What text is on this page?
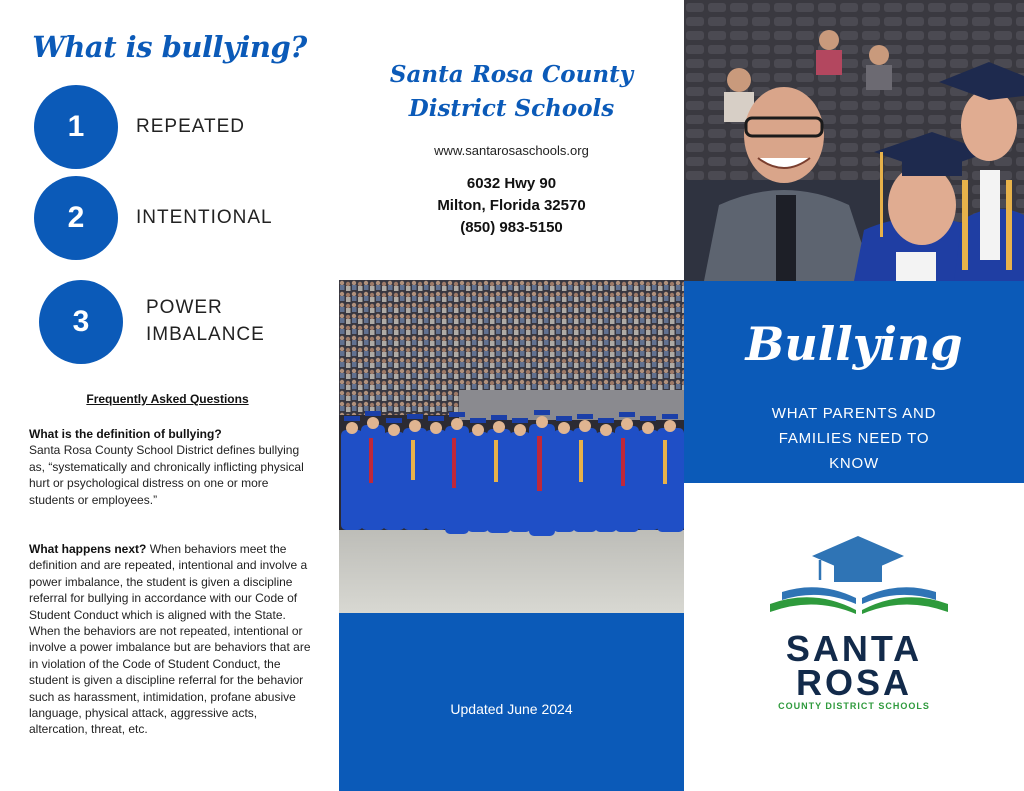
What is bullying?
1	REPEATED
2	INTENTIONAL
3	POWER
IMBALANCE
Frequently Asked Questions
What is the definition of bullying?
Santa Rosa County School District defines bullying as, “systematically and chronically inflicting physical hurt or psychological distress on one or more students or employees.”
What happens next? When behaviors meet the definition and are repeated, intentional and involve a power imbalance, the student is given a discipline referral for bullying in accordance with our Code of Student Conduct which is aligned with the State. When the behaviors are not repeated, intentional or involve a power imbalance but are behaviors that are in violation of the Code of Student Conduct, the student is given a discipline referral for the behavior such as harassment, intimidation, profane abusive language, physical attack, aggressive acts, altercation, threat, etc.
Santa Rosa County
District Schools
www.santarosaschools.org
6032 Hwy 90
Milton, Florida 32570
(850) 983-5150
Updated June 2024
Bullying
WHAT PARENTS AND
FAMILIES NEED TO
KNOW
SANTA
ROSA
COUNTY DISTRICT SCHOOLS
